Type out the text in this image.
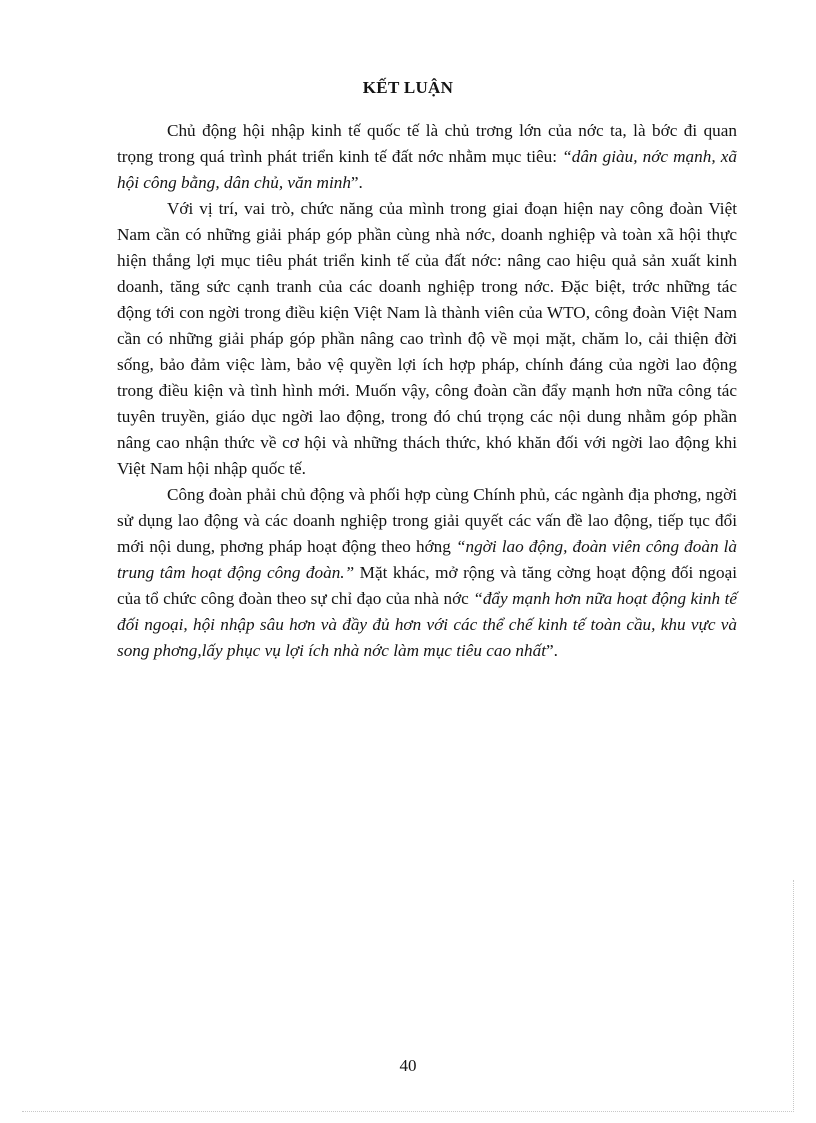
KẾT LUẬN

Chủ động hội nhập kinh tế quốc tế là chủ trơng lớn của nớc ta, là bớc đi quan trọng trong quá trình phát triển kinh tế đất nớc nhằm mục tiêu: “dân giàu, nớc mạnh, xã hội công bằng, dân chủ, văn minh”.

Với vị trí, vai trò, chức năng của mình trong giai đoạn hiện nay công đoàn Việt Nam cần có những giải pháp góp phần cùng nhà nớc, doanh nghiệp và toàn xã hội thực hiện thắng lợi mục tiêu phát triển kinh tế của đất nớc: nâng cao hiệu quả sản xuất kinh doanh, tăng sức cạnh tranh của các doanh nghiệp trong nớc. Đặc biệt, trớc những tác động tới con ngời trong điều kiện Việt Nam là thành viên của WTO, công đoàn Việt Nam cần có những giải pháp góp phần nâng cao trình độ về mọi mặt, chăm lo, cải thiện đời sống, bảo đảm việc làm, bảo vệ quyền lợi ích hợp pháp, chính đáng của ngời lao động trong điều kiện và tình hình mới. Muốn vậy, công đoàn cần đẩy mạnh hơn nữa công tác tuyên truyền, giáo dục ngời lao động, trong đó chú trọng các nội dung nhằm góp phần nâng cao nhận thức về cơ hội và những thách thức, khó khăn đối với ngời lao động khi Việt Nam hội nhập quốc tế.

Công đoàn phải chủ động và phối hợp cùng Chính phủ, các ngành địa phơng, ngời sử dụng lao động và các doanh nghiệp trong giải quyết các vấn đề lao động, tiếp tục đổi mới nội dung, phơng pháp hoạt động theo hớng “ngời lao động, đoàn viên công đoàn là trung tâm hoạt động công đoàn.” Mặt khác, mở rộng và tăng cờng hoạt động đối ngoại của tổ chức công đoàn theo sự chỉ đạo của nhà nớc “đẩy mạnh hơn nữa hoạt động kinh tế đối ngoại, hội nhập sâu hơn và đầy đủ hơn với các thể chế kinh tế toàn cầu, khu vực và song phơng,lấy phục vụ lợi ích nhà nớc làm mục tiêu cao nhất”.

40
